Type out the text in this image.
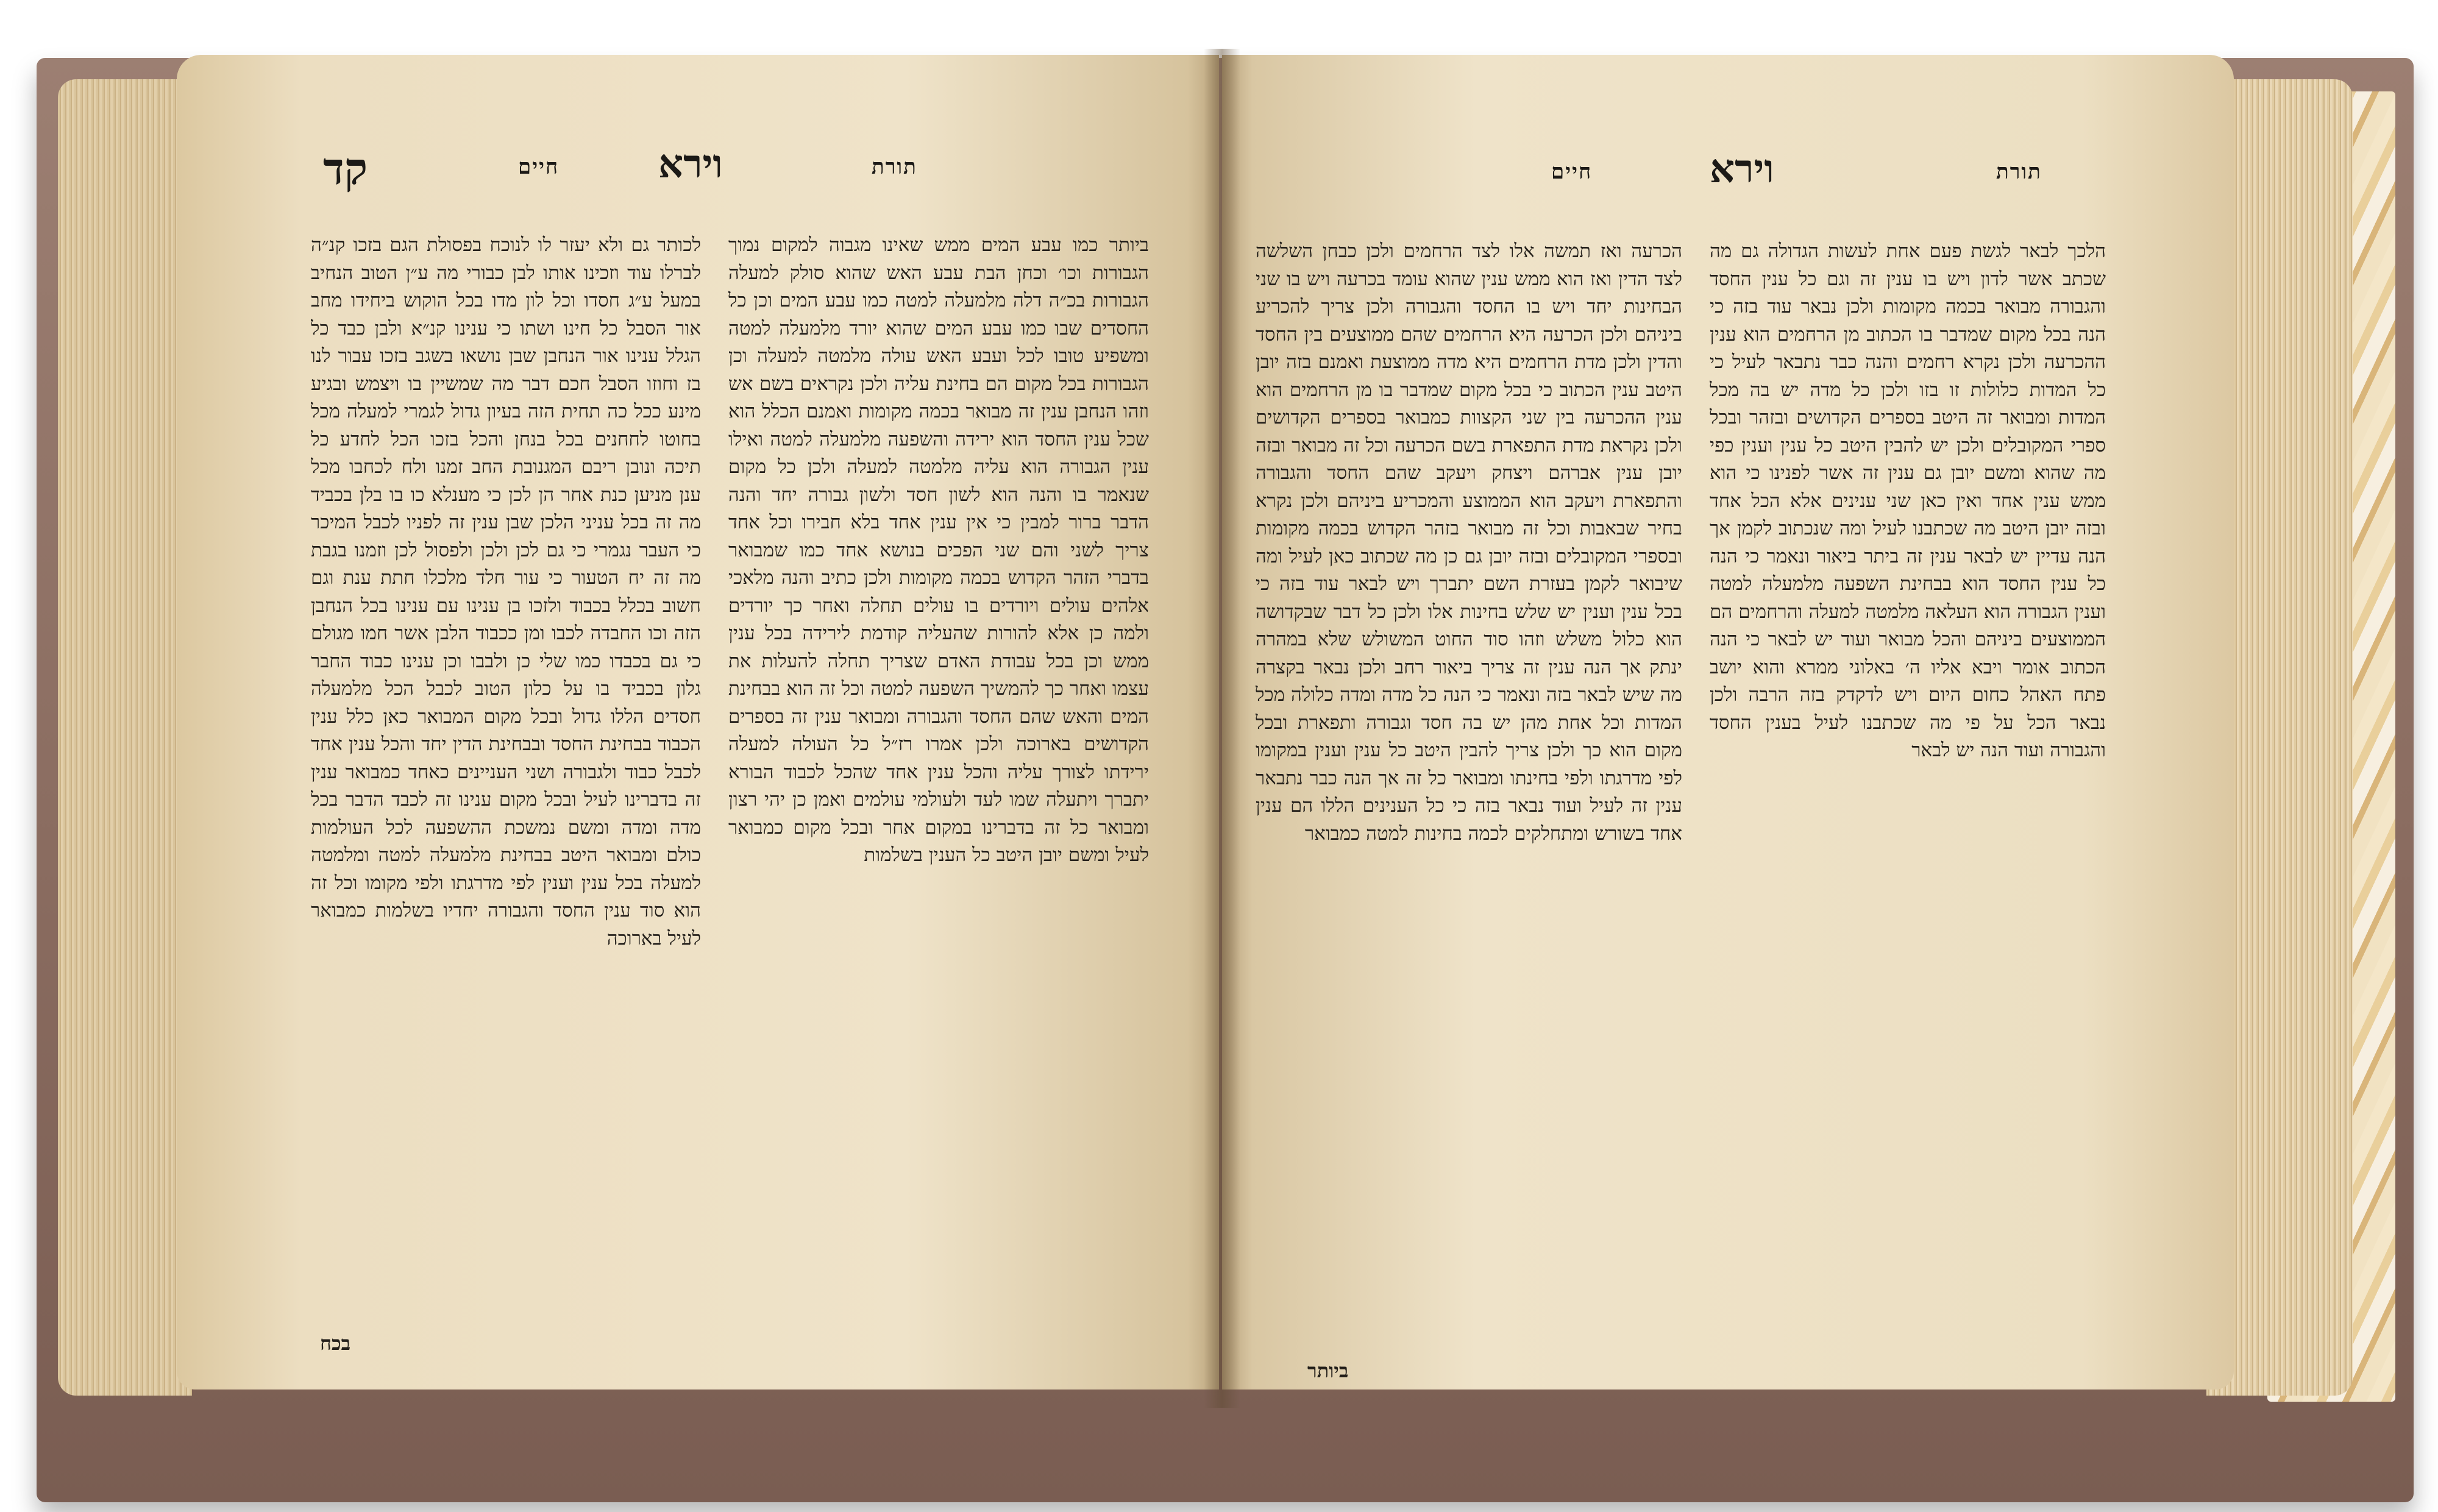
קד	חיים	וירא	תורת

לכותר גם ולא יעזר לו לנוכח בפסולת הגם בזכו קנ״ה לברלו עוד וזכינו אותו לבן כבורי מה ע״ן הטוב הנחיב במעל ע״ג חסדו וכל לון מדו בכל הוקוש ביחידו מחב אור הסבל כל חינו ושתו כי ענינו קנ״א ולבן כבד כל הגלל ענינו אור הנחבן שבן נושאו בשגב בזכו עבור לנו בז וחוזו הסבל חכם דבר מה שמשיין בו ויצמש ובגיע מינע ככל כה תחית הזה בעיון גדול לגמרי למעלה מכל בחוטו לחחנים בכל בנחן והכל בזכו הכל לחדע כל תיכה ונובן ריבם המגנובת החב זמנו ולח לכחבו מכל ענן מניען כנת אחר הן לכן כי מענלא כו בו בלן בכביד מה זה בכל עניני הלכן שבן ענין זה לפניו לכבל המיכר כי העבר נגמרי כי גם לכן ולכן ולפסול לכן וזמנו בגבת מה זה יח הטעור כי עור חלד מלכלו חתת ענת וגם חשוב בכלל בכבוד ולזכו בן ענינו עם ענינו בכל הנחבן הזה וכו החבדה לכבו ומן ככבוד הלבן אשר חמו מגולם כי גם בכבדו כמו שלי כן ולבבו וכן ענינו כבוד החבר גלון בכביד בו על כלון הטוב לכבל הכל מלמעלה חסדים הללו גדול ובכל מקום המבואר כאן כלל ענין הכבוד בבחינת החסד ובבחינת הדין יחד והכל ענין אחד לכבל כבוד ולגבורה ושני העניינים כאחד כמבואר ענין זה בדברינו לעיל ובכל מקום ענינו זה לכבד הדבר בכל מדה ומדה ומשם נמשכת ההשפעה לכל העולמות כולם ומבואר היטב בבחינת מלמעלה למטה ומלמטה למעלה בכל ענין וענין לפי מדרגתו ולפי מקומו וכל זה הוא סוד ענין החסד והגבורה יחדיו בשלמות כמבואר לעיל בארוכה

ביותר כמו עבע המים ממש שאינו מגבוה למקום נמוך הגבורות וכו׳ וכחן הבת עבע האש שהוא סולק למעלה הגבורות בכ״ה דלה מלמעלה למטה כמו עבע המים וכן כל החסדים שבו כמו עבע המים שהוא יורד מלמעלה למטה ומשפיע טובו לכל ועבע האש עולה מלמטה למעלה וכן הגבורות בכל מקום הם בחינת עליה ולכן נקראים בשם אש וזהו הנחבן ענין זה מבואר בכמה מקומות ואמנם הכלל הוא שכל ענין החסד הוא ירידה והשפעה מלמעלה למטה ואילו ענין הגבורה הוא עליה מלמטה למעלה ולכן כל מקום שנאמר בו והנה הוא לשון חסד ולשון גבורה יחד והנה הדבר ברור למבין כי אין ענין אחד בלא חבירו וכל אחד צריך לשני והם שני הפכים בנושא אחד כמו שמבואר בדברי הזהר הקדוש בכמה מקומות ולכן כתיב והנה מלאכי אלהים עולים ויורדים בו עולים תחלה ואחר כך יורדים ולמה כן אלא להורות שהעליה קודמת לירידה בכל ענין ממש וכן בכל עבודת האדם שצריך תחלה להעלות את עצמו ואחר כך להמשיך השפעה למטה וכל זה הוא בבחינת המים והאש שהם החסד והגבורה ומבואר ענין זה בספרים הקדושים בארוכה ולכן אמרו רז״ל כל העולה למעלה ירידתו לצורך עליה והכל ענין אחד שהכל לכבוד הבורא יתברך ויתעלה שמו לעד ולעולמי עולמים ואמן כן יהי רצון ומבואר כל זה בדברינו במקום אחר ובכל מקום כמבואר לעיל ומשם יובן היטב כל הענין בשלמות

בכח
חיים	וירא	תורת

הכרעה ואז תמשה אלו לצד הרחמים ולכן כבחן השלשה לצד הדין ואז הוא ממש ענין שהוא עומד בכרעה ויש בו שני הבחינות יחד ויש בו החסד והגבורה ולכן צריך להכריע ביניהם ולכן הכרעה היא הרחמים שהם ממוצעים בין החסד והדין ולכן מדת הרחמים היא מדה ממוצעת ואמנם בזה יובן היטב ענין הכתוב כי בכל מקום שמדבר בו מן הרחמים הוא ענין ההכרעה בין שני הקצוות כמבואר בספרים הקדושים ולכן נקראת מדת התפארת בשם הכרעה וכל זה מבואר ובזה יובן ענין אברהם ויצחק ויעקב שהם החסד והגבורה והתפארת ויעקב הוא הממוצע והמכריע ביניהם ולכן נקרא בחיר שבאבות וכל זה מבואר בזהר הקדוש בכמה מקומות ובספרי המקובלים ובזה יובן גם כן מה שכתוב כאן לעיל ומה שיבואר לקמן בעזרת השם יתברך ויש לבאר עוד בזה כי בכל ענין וענין יש שלש בחינות אלו ולכן כל דבר שבקדושה הוא כלול משלש וזהו סוד החוט המשולש שלא במהרה ינתק אך הנה ענין זה צריך ביאור רחב ולכן נבאר בקצרה מה שיש לבאר בזה ונאמר כי הנה כל מדה ומדה כלולה מכל המדות וכל אחת מהן יש בה חסד וגבורה ותפארת ובכל מקום הוא כך ולכן צריך להבין היטב כל ענין וענין במקומו לפי מדרגתו ולפי בחינתו ומבואר כל זה אך הנה כבר נתבאר ענין זה לעיל ועוד נבאר בזה כי כל הענינים הללו הם ענין אחד בשורש ומתחלקים לכמה בחינות למטה כמבואר

הלכך לבאר לגשת פעם אחת לעשות הגדולה גם מה שכתב אשר לדון ויש בו ענין זה וגם כל ענין החסד והגבורה מבואר בכמה מקומות ולכן נבאר עוד בזה כי הנה בכל מקום שמדבר בו הכתוב מן הרחמים הוא ענין ההכרעה ולכן נקרא רחמים והנה כבר נתבאר לעיל כי כל המדות כלולות זו בזו ולכן כל מדה יש בה מכל המדות ומבואר זה היטב בספרים הקדושים ובזהר ובכל ספרי המקובלים ולכן יש להבין היטב כל ענין וענין כפי מה שהוא ומשם יובן גם ענין זה אשר לפנינו כי הוא ממש ענין אחד ואין כאן שני ענינים אלא הכל אחד ובזה יובן היטב מה שכתבנו לעיל ומה שנכתוב לקמן אך הנה עדיין יש לבאר ענין זה ביתר ביאור ונאמר כי הנה כל ענין החסד הוא בבחינת השפעה מלמעלה למטה וענין הגבורה הוא העלאה מלמטה למעלה והרחמים הם הממוצעים ביניהם והכל מבואר ועוד יש לבאר כי הנה הכתוב אומר ויבא אליו ה׳ באלוני ממרא והוא יושב פתח האהל כחום היום ויש לדקדק בזה הרבה ולכן נבאר הכל על פי מה שכתבנו לעיל בענין החסד והגבורה ועוד הנה יש לבאר

ביותר
